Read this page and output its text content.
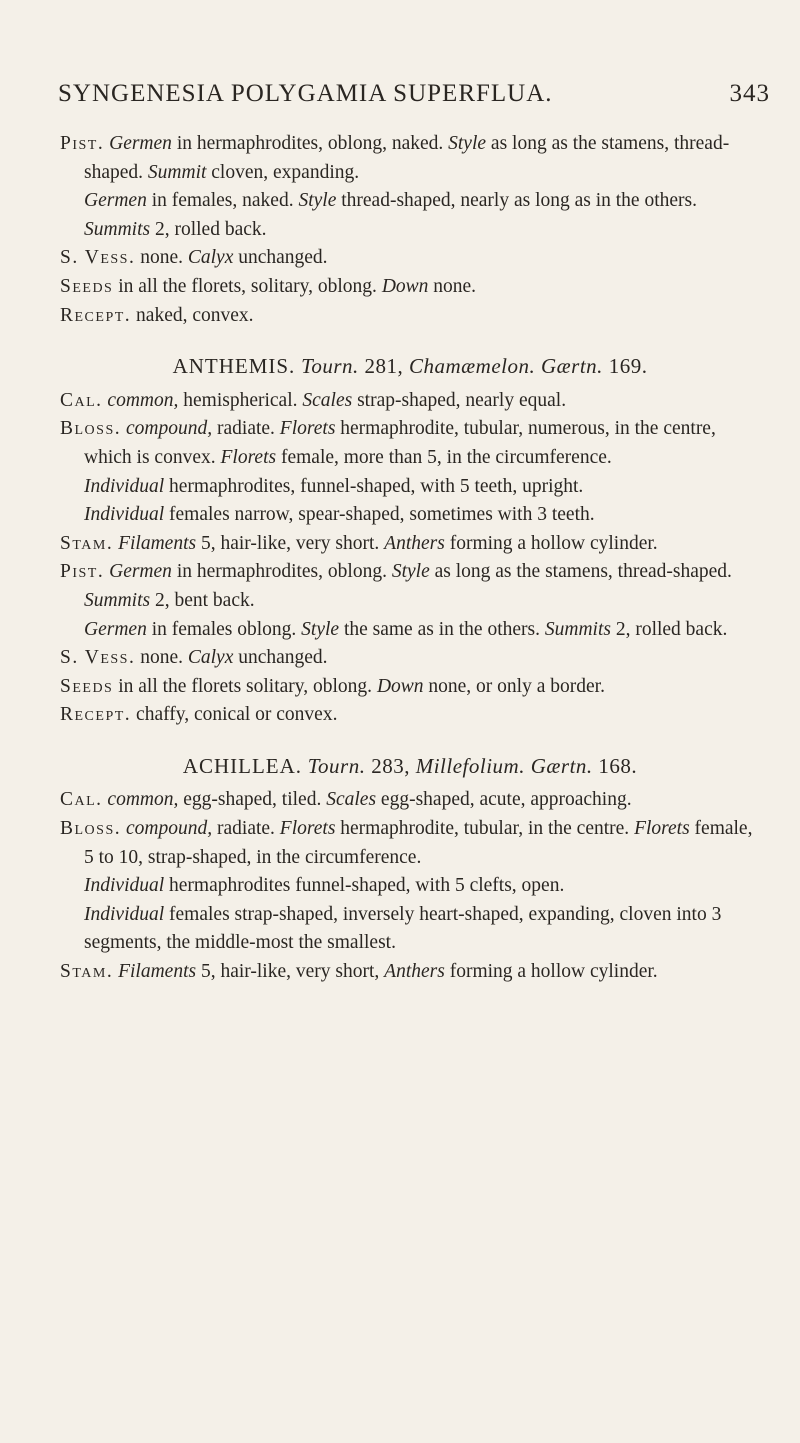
SYNGENESIA POLYGAMIA SUPERFLUA.	343

Pist. Germen in hermaphrodites, oblong, naked. Style as long as the stamens, thread-shaped. Summit cloven, expanding.

Germen in females, naked. Style thread-shaped, nearly as long as in the others. Summits 2, rolled back.

S. Vess. none. Calyx unchanged.

Seeds in all the florets, solitary, oblong. Down none.

Recept. naked, convex.

ANTHEMIS. Tourn. 281, Chamæmelon. Gærtn. 169.

Cal. common, hemispherical. Scales strap-shaped, nearly equal.

Bloss. compound, radiate. Florets hermaphrodite, tubular, numerous, in the centre, which is convex. Florets female, more than 5, in the circumference.

Individual hermaphrodites, funnel-shaped, with 5 teeth, upright.

Individual females narrow, spear-shaped, sometimes with 3 teeth.

Stam. Filaments 5, hair-like, very short. Anthers forming a hollow cylinder.

Pist. Germen in hermaphrodites, oblong. Style as long as the stamens, thread-shaped. Summits 2, bent back.

Germen in females oblong. Style the same as in the others. Summits 2, rolled back.

S. Vess. none. Calyx unchanged.

Seeds in all the florets solitary, oblong. Down none, or only a border.

Recept. chaffy, conical or convex.

ACHILLEA. Tourn. 283, Millefolium. Gærtn. 168.

Cal. common, egg-shaped, tiled. Scales egg-shaped, acute, approaching.

Bloss. compound, radiate. Florets hermaphrodite, tubular, in the centre. Florets female, 5 to 10, strap-shaped, in the circumference.

Individual hermaphrodites funnel-shaped, with 5 clefts, open.

Individual females strap-shaped, inversely heart-shaped, expanding, cloven into 3 segments, the middle-most the smallest.

Stam. Filaments 5, hair-like, very short, Anthers forming a hollow cylinder.
